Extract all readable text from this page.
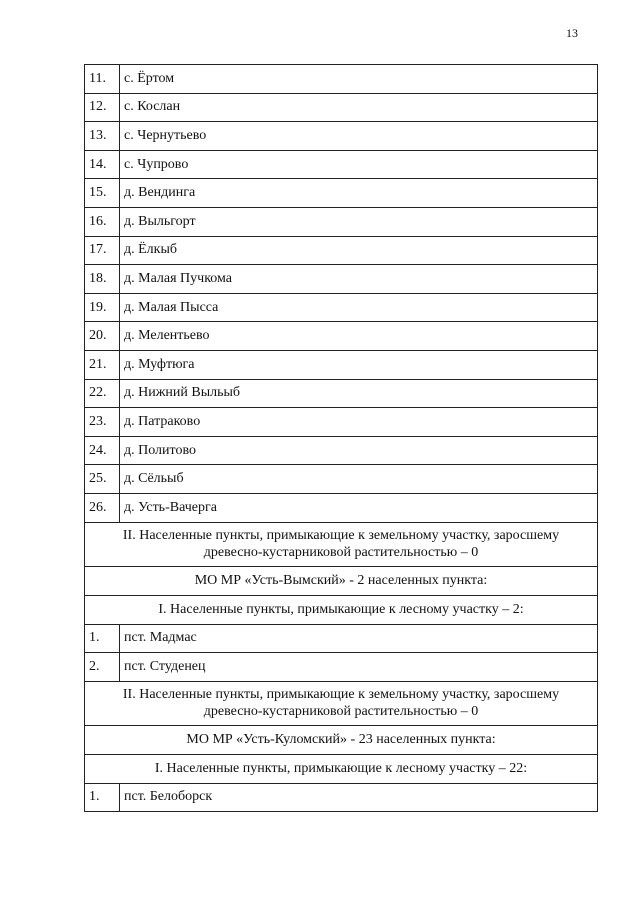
13
11.	с. Ёртом
12.	с. Кослан
13.	с. Чернутьево
14.	с. Чупрово
15.	д. Вендинга
16.	д. Выльгорт
17.	д. Ёлкыб
18.	д. Малая Пучкома
19.	д. Малая Пысса
20.	д. Мелентьево
21.	д. Муфтюга
22.	д. Нижний Выльыб
23.	д. Патраково
24.	д. Политово
25.	д. Сёльыб
26.	д. Усть-Вачерга

II. Населенные пункты, примыкающие к земельному участку, заросшему
древесно-кустарниковой растительностью – 0	

МО МР «Усть-Вымский» - 2 населенных пункта:	
I. Населенные пункты, примыкающие к лесному участку – 2:	
1.	пст. Мадмас
2.	пст. Студенец

II. Населенные пункты, примыкающие к земельному участку, заросшему
древесно-кустарниковой растительностью – 0	

МО МР «Усть-Куломский» - 23 населенных пункта:	
I. Населенные пункты, примыкающие к лесному участку – 22:	
1.	пст. Белоборск
